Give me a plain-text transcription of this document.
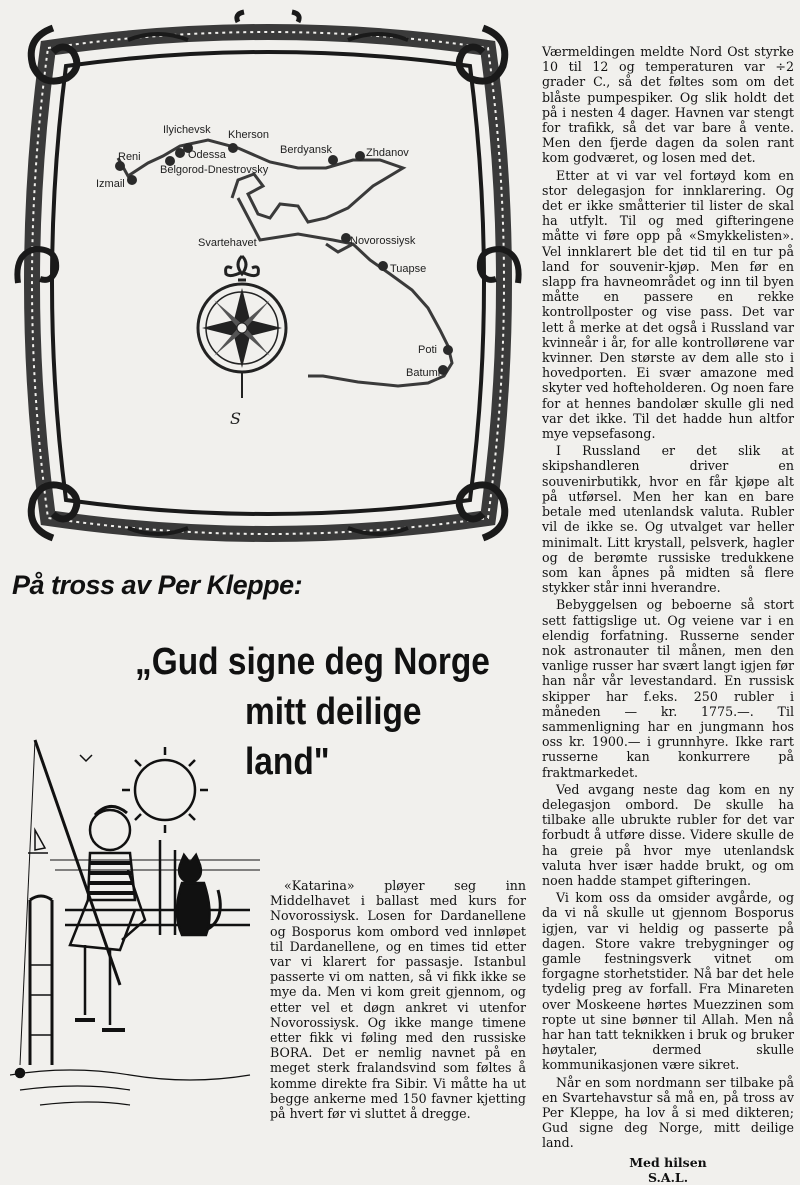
Ilyichevsk Kherson
Reni	Odessa
Izmail
Belgorod-Dnestrovsky
Berdyansk	Zhdanov
Novorossiysk
Tuapse
Poti
Batumi
Svartehavet
S
På tross av Per Kleppe:
„Gud signe deg Norge
mitt deilige
land"

«Katarina» pløyer seg inn Middelhavet i ballast med kurs for Novorossiysk. Losen for Dardanellene og Bosporus kom ombord ved innløpet til Dardanellene, og en times tid etter var vi klarert for passasje. Istanbul passerte vi om natten, så vi fikk ikke se mye da. Men vi kom greit gjennom, og etter vel et døgn ankret vi utenfor Novorossiysk. Og ikke mange timene etter fikk vi føling med den russiske BORA. Det er nemlig navnet på en meget sterk fralandsvind som føltes å komme direkte fra Sibir. Vi måtte ha ut begge ankerne med 150 favner kjetting på hvert før vi sluttet å dregge.

Værmeldingen meldte Nord Ost styrke 10 til 12 og temperaturen var ÷2 grader C., så det føltes som om det blåste pumpespiker. Og slik holdt det på i nesten 4 dager. Havnen var stengt for trafikk, så det var bare å vente. Men den fjerde dagen da solen rant kom godværet, og losen med det.

Etter at vi var vel fortøyd kom en stor delegasjon for innklarering. Og det er ikke småtterier til lister de skal ha utfylt. Til og med gifteringene måtte vi føre opp på «Smykkelisten». Vel innklarert ble det tid til en tur på land for souvenir-kjøp. Men før en slapp fra havneområdet og inn til byen måtte en passere en rekke kontrollposter og vise pass. Det var lett å merke at det også i Russland var kvinneår i år, for alle kontrollørene var kvinner. Den største av dem alle sto i hovedporten. Ei svær amazone med skyter ved hofteholderen. Og noen fare for at hennes bandolær skulle gli ned var det ikke. Til det hadde hun altfor mye vepsefasong.

I Russland er det slik at skipshandleren driver en souvenirbutikk, hvor en får kjøpe alt på utførsel. Men her kan en bare betale med utenlandsk valuta. Rubler vil de ikke se. Og utvalget var heller minimalt. Litt krystall, pelsverk, hagler og de berømte russiske tredukkene som kan åpnes på midten så flere stykker står inni hverandre.

Bebyggelsen og beboerne så stort sett fattigslige ut. Og veiene var i en elendig forfatning. Russerne sender nok astronauter til månen, men den vanlige russer har svært langt igjen før han når vår levestandard. En russisk skipper har f.eks. 250 rubler i måneden — kr. 1775.—. Til sammenligning har en jungmann hos oss kr. 1900.— i grunnhyre. Ikke rart russerne kan konkurrere på fraktmarkedet.

Ved avgang neste dag kom en ny delegasjon ombord. De skulle ha tilbake alle ubrukte rubler for det var forbudt å utføre disse. Videre skulle de ha greie på hvor mye utenlandsk valuta hver især hadde brukt, og om noen hadde stampet gifteringen.

Vi kom oss da omsider avgårde, og da vi nå skulle ut gjennom Bosporus igjen, var vi heldig og passerte på dagen. Store vakre trebygninger og gamle festningsverk vitnet om forgagne storhetstider. Nå bar det hele tydelig preg av forfall. Fra Minareten over Moskeene hørtes Muezzinen som ropte ut sine bønner til Allah. Men nå har han tatt teknikken i bruk og bruker høytaler, dermed skulle kommunikasjonen være sikret.

Når en som nordmann ser tilbake på en Svartehavstur så må en, på tross av Per Kleppe, ha lov å si med dikteren; Gud signe deg Norge, mitt deilige land.

Med hilsen
S.A.L.
